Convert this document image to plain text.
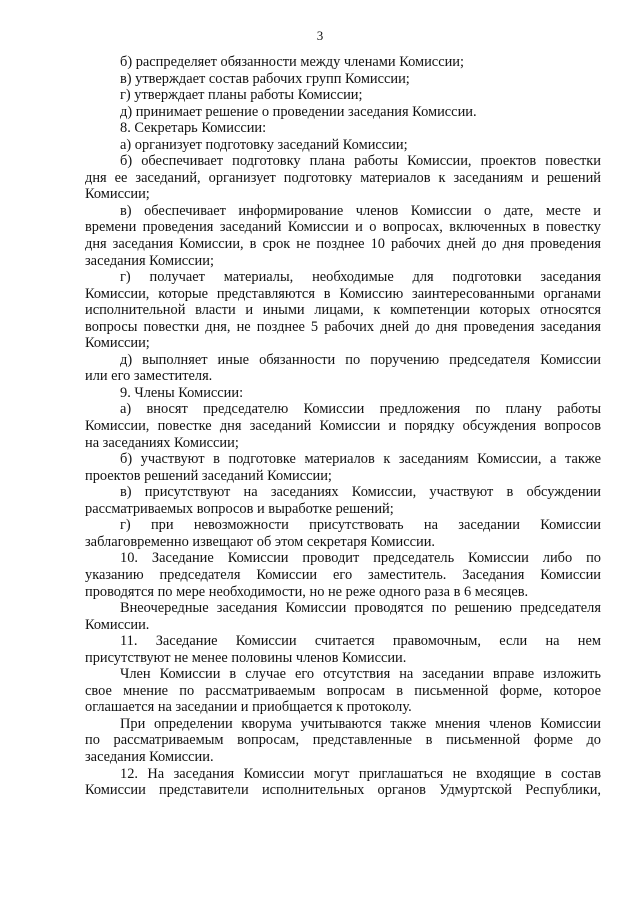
3
б) распределяет обязанности между членами Комиссии;
в) утверждает состав рабочих групп Комиссии;
г) утверждает планы работы Комиссии;
д) принимает решение о проведении заседания Комиссии.
8. Секретарь Комиссии:
а) организует подготовку заседаний Комиссии;
б) обеспечивает подготовку плана работы Комиссии, проектов повестки
дня ее заседаний, организует подготовку материалов к заседаниям и решений
Комиссии;
в) обеспечивает информирование членов Комиссии о дате, месте и
времени проведения заседаний Комиссии и о вопросах, включенных в повестку
дня заседания Комиссии, в срок не позднее 10 рабочих дней до дня проведения
заседания Комиссии;
г) получает материалы, необходимые для подготовки заседания
Комиссии, которые представляются в Комиссию заинтересованными органами
исполнительной власти и иными лицами, к компетенции которых относятся
вопросы повестки дня, не позднее 5 рабочих дней до дня проведения заседания
Комиссии;
д) выполняет иные обязанности по поручению председателя Комиссии
или его заместителя.
9. Члены Комиссии:
а) вносят председателю Комиссии предложения по плану работы
Комиссии, повестке дня заседаний Комиссии и порядку обсуждения вопросов
на заседаниях Комиссии;
б) участвуют в подготовке материалов к заседаниям Комиссии, а также
проектов решений заседаний Комиссии;
в) присутствуют на заседаниях Комиссии, участвуют в обсуждении
рассматриваемых вопросов и выработке решений;
г) при невозможности присутствовать на заседании Комиссии
заблаговременно извещают об этом секретаря Комиссии.
10. Заседание Комиссии проводит председатель Комиссии либо по
указанию председателя Комиссии его заместитель. Заседания Комиссии
проводятся по мере необходимости, но не реже одного раза в 6 месяцев.
Внеочередные заседания Комиссии проводятся по решению председателя
Комиссии.
11. Заседание Комиссии считается правомочным, если на нем
присутствуют не менее половины членов Комиссии.
Член Комиссии в случае его отсутствия на заседании вправе изложить
свое мнение по рассматриваемым вопросам в письменной форме, которое
оглашается на заседании и приобщается к протоколу.
При определении кворума учитываются также мнения членов Комиссии
по рассматриваемым вопросам, представленные в письменной форме до
заседания Комиссии.
12. На заседания Комиссии могут приглашаться не входящие в состав
Комиссии представители исполнительных органов Удмуртской Республики,
